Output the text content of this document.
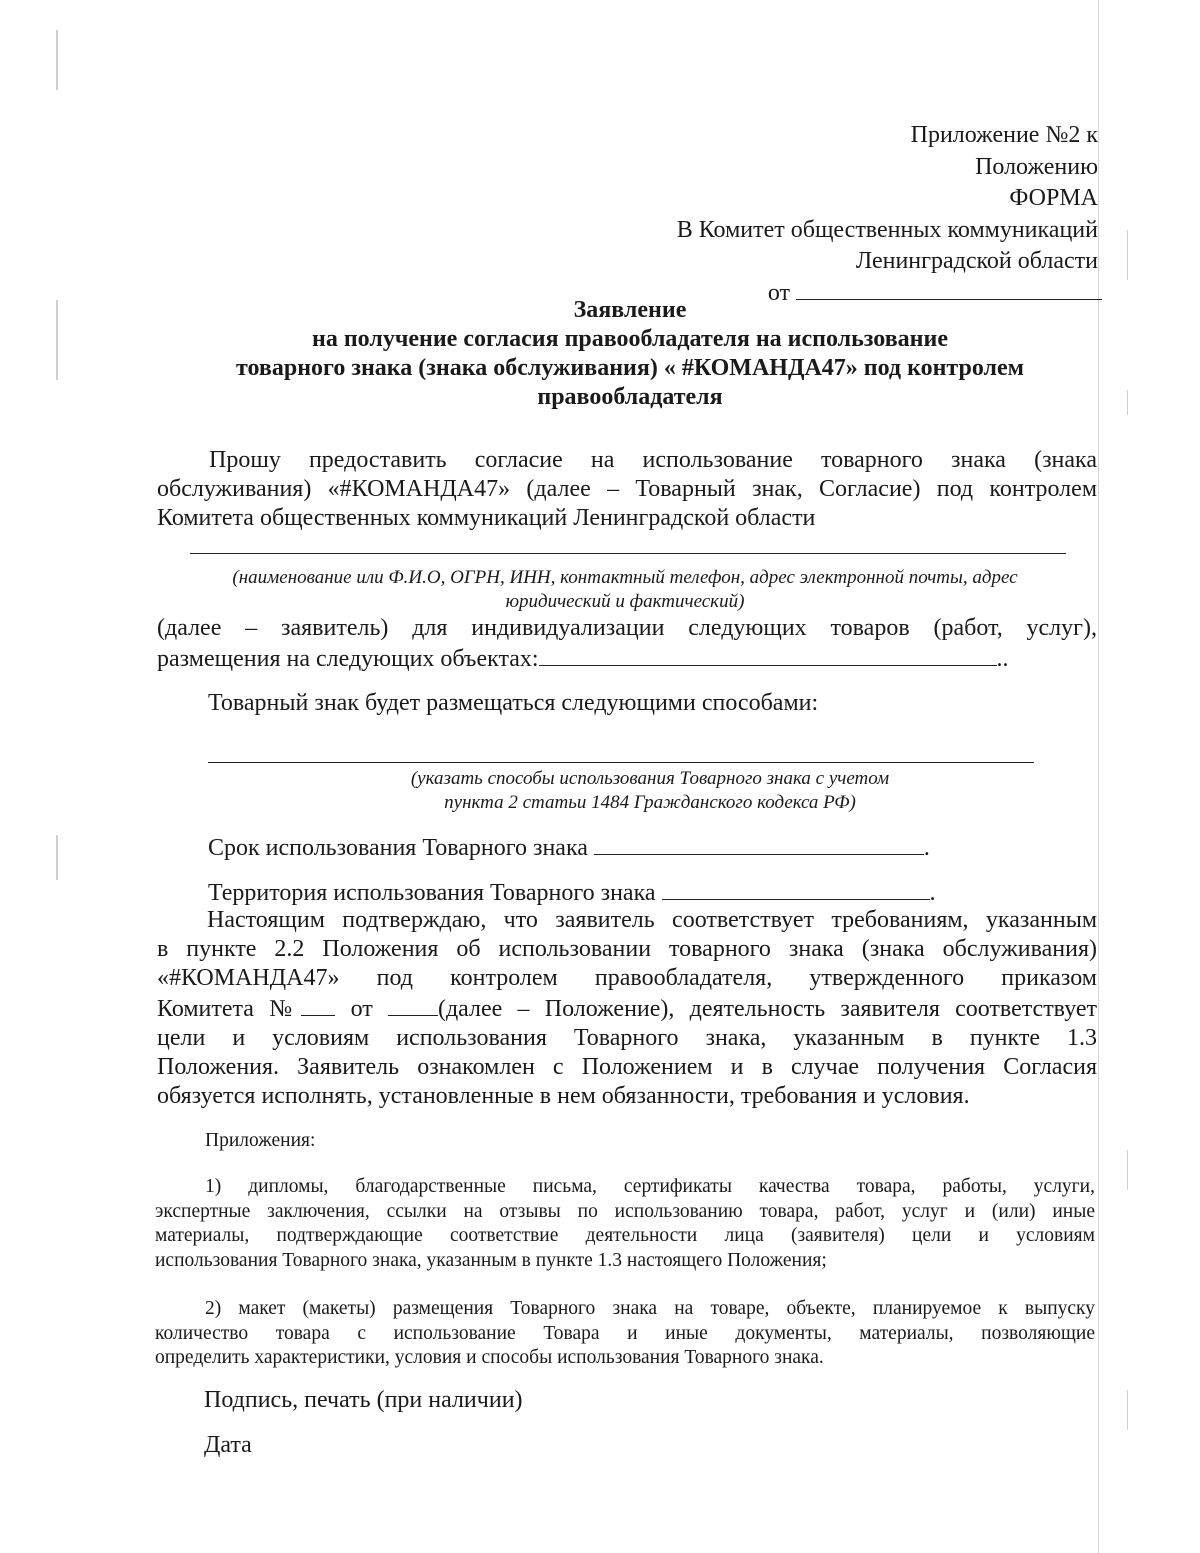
Приложение №2 к
Положению
ФОРМА
В Комитет общественных коммуникаций
Ленинградской области
от
Заявление
на получение согласия правообладателя на использование
товарного знака (знака обслуживания) « #КОМАНДА47» под контролем
правообладателя
Прошу предоставить согласие на использование товарного знака (знака
обслуживания) «#КОМАНДА47» (далее – Товарный знак, Согласие) под контролем
Комитета общественных коммуникаций Ленинградской области
(наименование или Ф.И.О, ОГРН, ИНН, контактный телефон, адрес электронной почты, адрес
юридический и фактический)
(далее – заявитель) для индивидуализации следующих товаров (работ, услуг),
размещения на следующих объектах:	..
Товарный знак будет размещаться следующими способами:
(указать способы использования Товарного знака с учетом
пункта 2 статьи 1484 Гражданского кодекса РФ)
Срок использования Товарного знака	.
Территория использования Товарного знака	.
Настоящим подтверждаю, что заявитель соответствует требованиям, указанным
в пункте 2.2 Положения об использовании товарного знака (знака обслуживания)
«#КОМАНДА47» под контролем правообладателя, утвержденного приказом
Комитета № от	(далее – Положение), деятельность заявителя соответствует
цели и условиям использования Товарного знака, указанным в пункте 1.3
Положения. Заявитель ознакомлен с Положением и в случае получения Согласия
обязуется исполнять, установленные в нем обязанности, требования и условия.
Приложения:
1) дипломы, благодарственные письма, сертификаты качества товара, работы, услуги,
экспертные заключения, ссылки на отзывы по использованию товара, работ, услуг и (или) иные
материалы, подтверждающие соответствие деятельности лица (заявителя) цели и условиям
использования Товарного знака, указанным в пункте 1.3 настоящего Положения;
2) макет (макеты) размещения Товарного знака на товаре, объекте, планируемое к выпуску
количество товара с использование Товара и иные документы, материалы, позволяющие
определить характеристики, условия и способы использования Товарного знака.
Подпись, печать (при наличии)
Дата
